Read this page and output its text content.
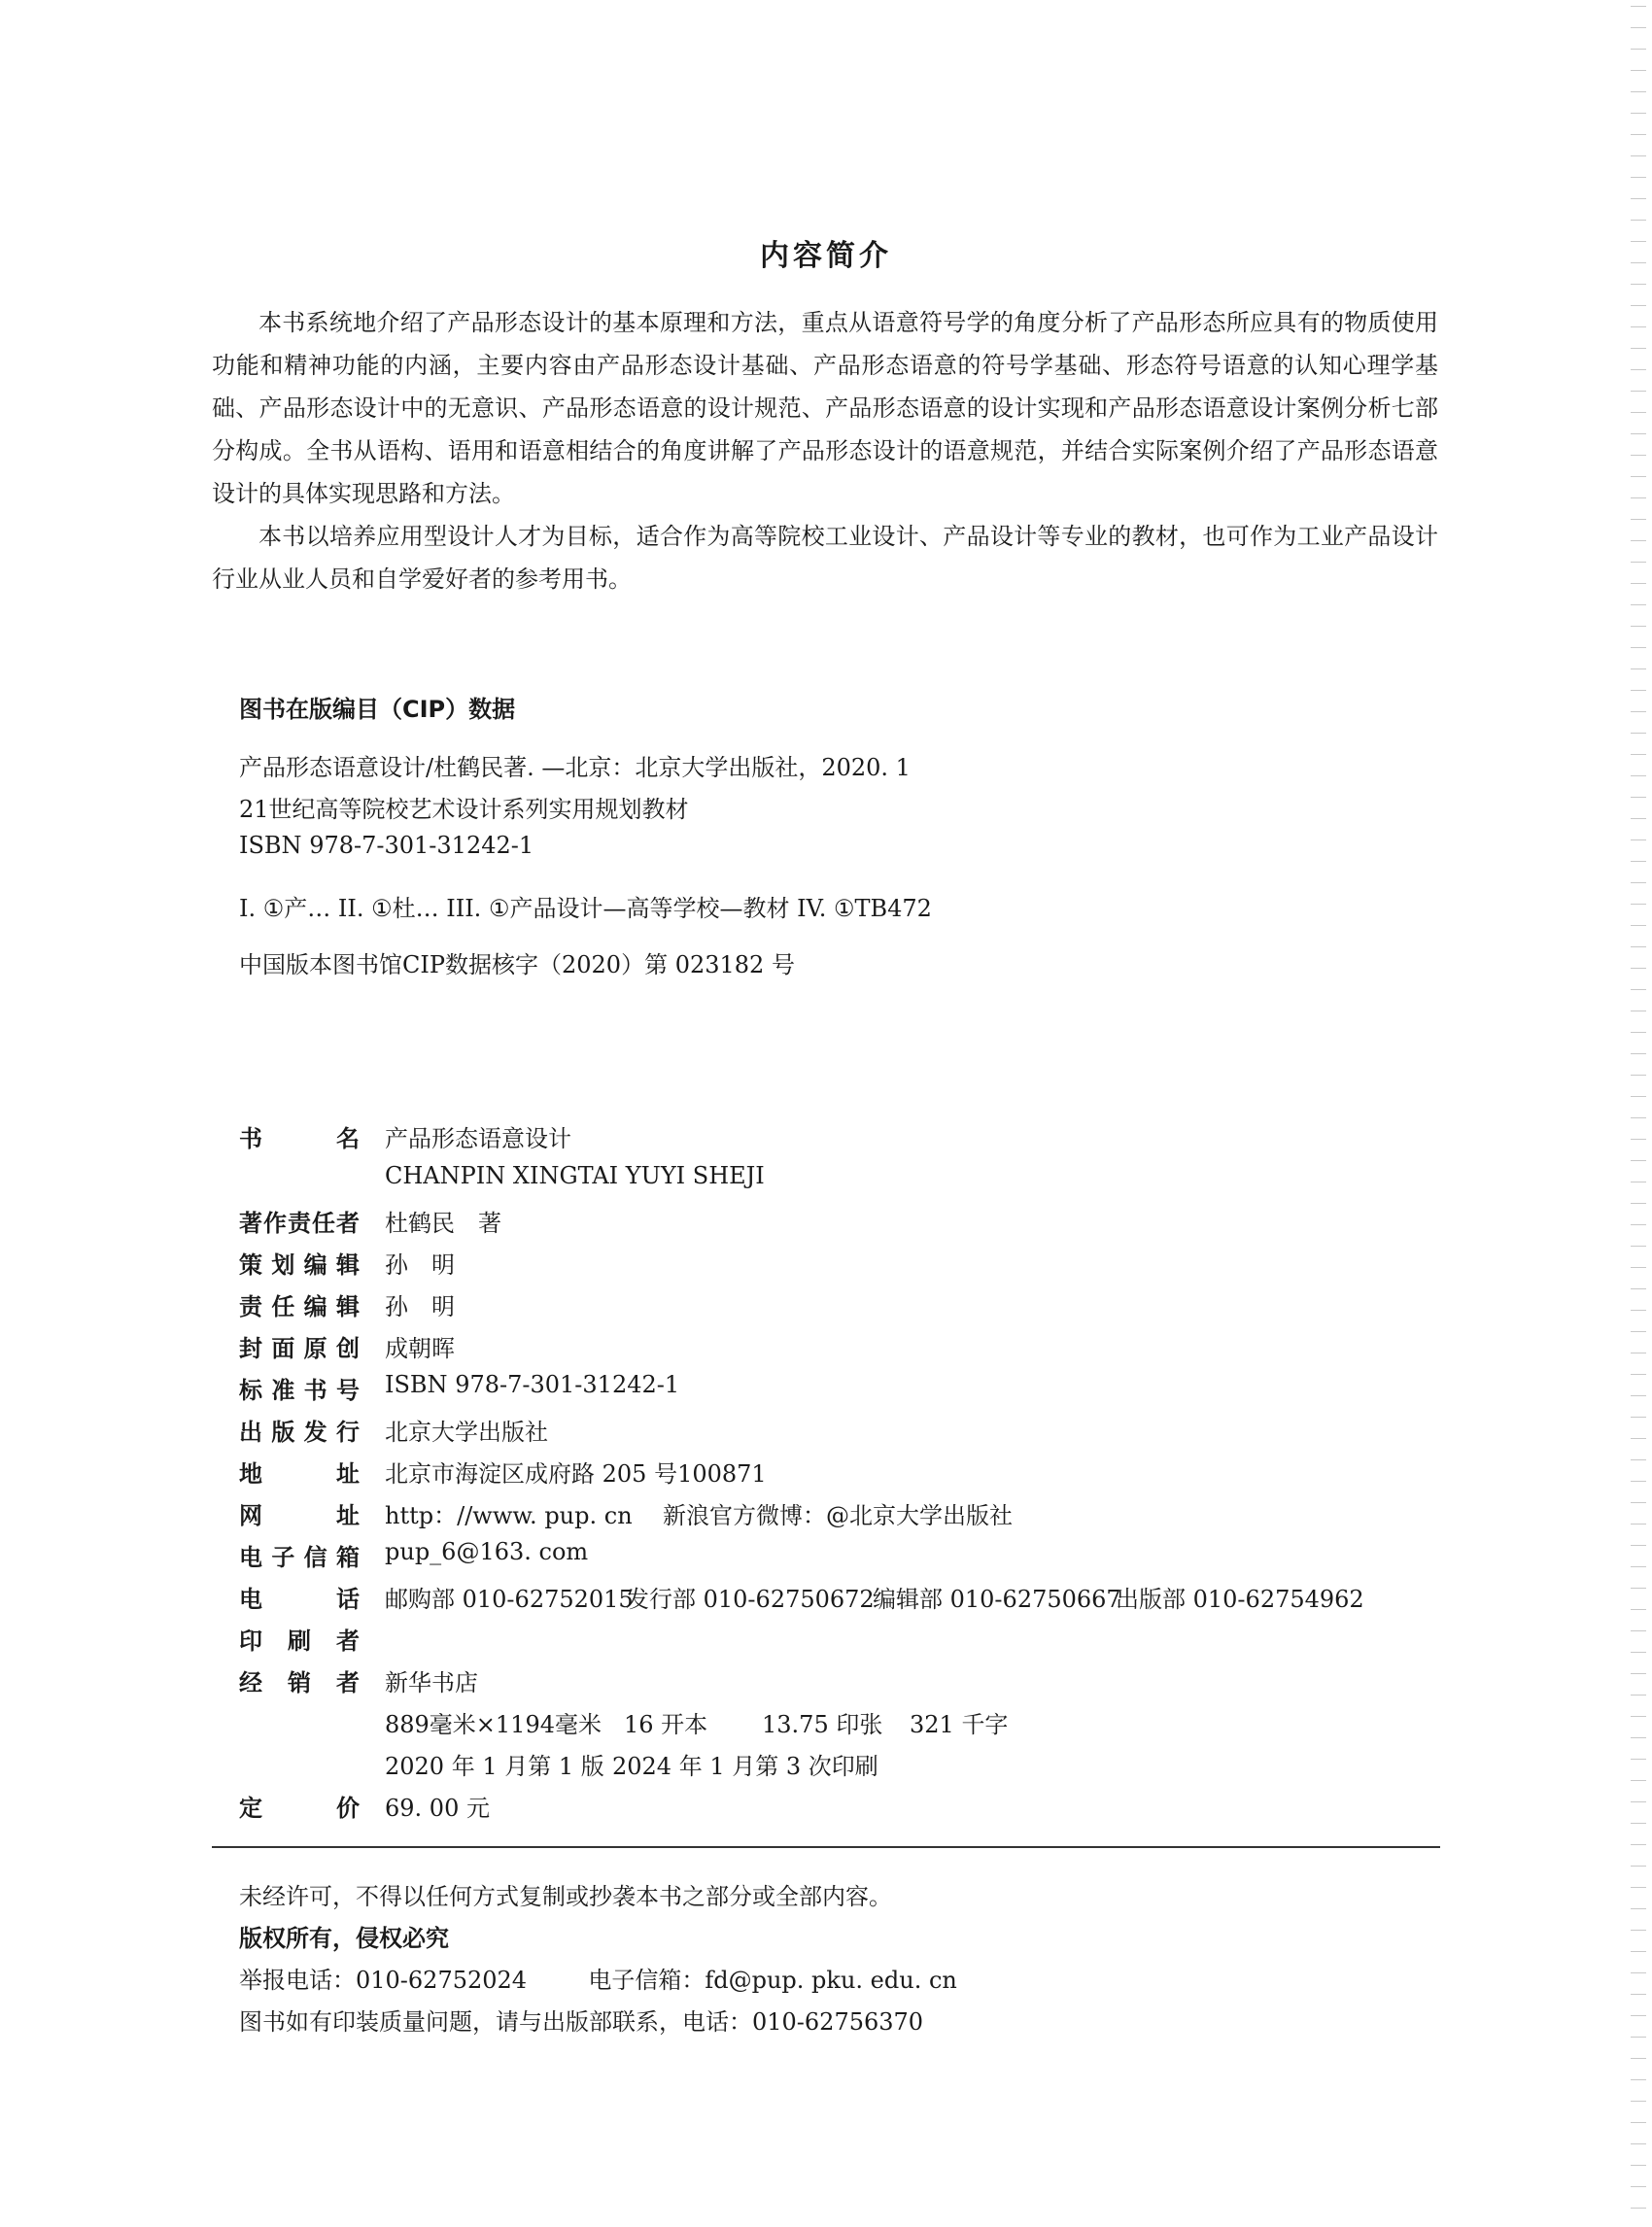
内容简介

本书系统地介绍了产品形态设计的基本原理和方法，重点从语意符号学的角度分析了产品形态所应具有的物质使用功能和精神功能的内涵，主要内容由产品形态设计基础、产品形态语意的符号学基础、形态符号语意的认知心理学基础、产品形态设计中的无意识、产品形态语意的设计规范、产品形态语意的设计实现和产品形态语意设计案例分析七部分构成。全书从语构、语用和语意相结合的角度讲解了产品形态设计的语意规范，并结合实际案例介绍了产品形态语意设计的具体实现思路和方法。

本书以培养应用型设计人才为目标，适合作为高等院校工业设计、产品设计等专业的教材，也可作为工业产品设计行业从业人员和自学爱好者的参考用书。

图书在版编目（CIP）数据
产品形态语意设计/杜鹤民著. —北京：北京大学出版社，2020. 1
21世纪高等院校艺术设计系列实用规划教材
ISBN 978-7-301-31242-1
I. ①产… II. ①杜… III. ①产品设计—高等学校—教材 IV. ①TB472
中国版本图书馆CIP数据核字（2020）第 023182 号
书名 产品形态语意设计
CHANPIN XINGTAI YUYI SHEJI
著作责任者 杜鹤民　著
策划编辑 孙　明
责任编辑 孙　明
封面原创 成朝晖
标准书号 ISBN 978-7-301-31242-1
出版发行 北京大学出版社
地址 北京市海淀区成府路 205 号100871
网址 http：//www. pup. cn 新浪官方微博：@北京大学出版社
电子信箱 pup_6@163. com
电话 邮购部 010-62752015
发行部 010-62750672
编辑部 010-62750667
出版部 010-62754962
印刷者
经销者 新华书店
889毫米×1194毫米 16 开本 13.75 印张 321 千字
2020 年 1 月第 1 版 2024 年 1 月第 3 次印刷
定价 69. 00 元
未经许可，不得以任何方式复制或抄袭本书之部分或全部内容。
版权所有，侵权必究
举报电话：010-62752024	电子信箱：fd@pup. pku. edu. cn
图书如有印装质量问题，请与出版部联系，电话：010-62756370
